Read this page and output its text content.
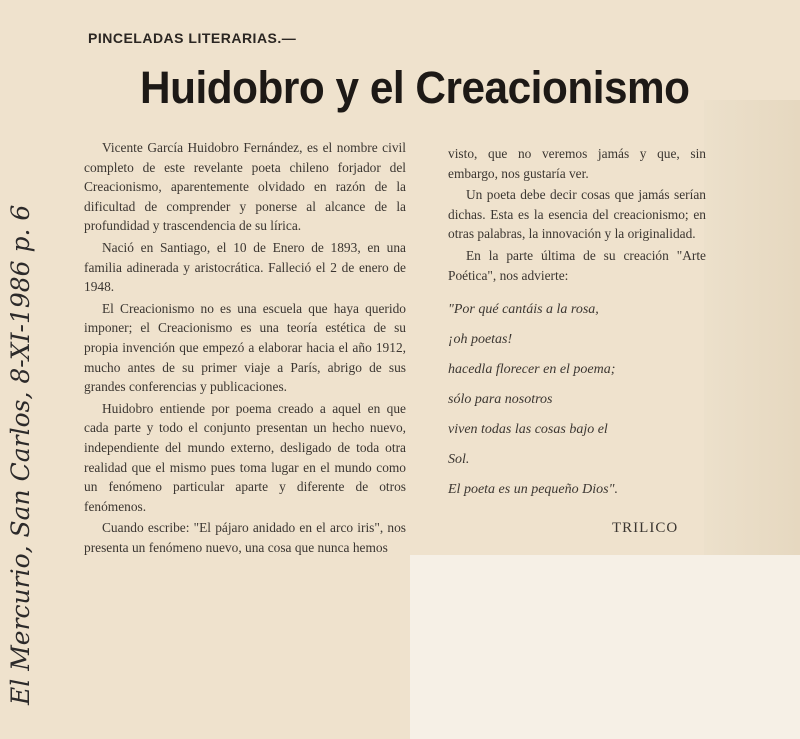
PINCELADAS LITERARIAS.—
Huidobro y el Creacionismo

Vicente García Huidobro Fernández, es el nombre civil completo de este revelante poeta chileno forjador del Creacionismo, aparentemente olvidado en razón de la dificultad de comprender y ponerse al alcance de la profundidad y trascendencia de su lírica.

Nació en Santiago, el 10 de Enero de 1893, en una familia adinerada y aristocrática. Falleció el 2 de enero de 1948.

El Creacionismo no es una escuela que haya querido imponer; el Creacionismo es una teoría estética de su propia invención que empezó a elaborar hacia el año 1912, mucho antes de su primer viaje a París, abrigo de sus grandes conferencias y publicaciones.

Huidobro entiende por poema creado a aquel en que cada parte y todo el conjunto presentan un hecho nuevo, independiente del mundo externo, desligado de toda otra realidad que el mismo pues toma lugar en el mundo como un fenómeno particular aparte y diferente de otros fenómenos.

Cuando escribe: "El pájaro anidado en el arco iris", nos presenta un fenómeno nuevo, una cosa que nunca hemos

visto, que no veremos jamás y que, sin embargo, nos gustaría ver.

Un poeta debe decir cosas que jamás serían dichas. Esta es la esencia del creacionismo; en otras palabras, la innovación y la originalidad.

En la parte última de su creación "Arte Poética", nos advierte:

"Por qué cantáis a la rosa,
¡oh poetas!
hacedla florecer en el poema;
sólo para nosotros
viven todas las cosas bajo el
Sol.
El poeta es un pequeño Dios".
TRILICO
El Mercurio, San Carlos, 8-XI-1986 p. 6
